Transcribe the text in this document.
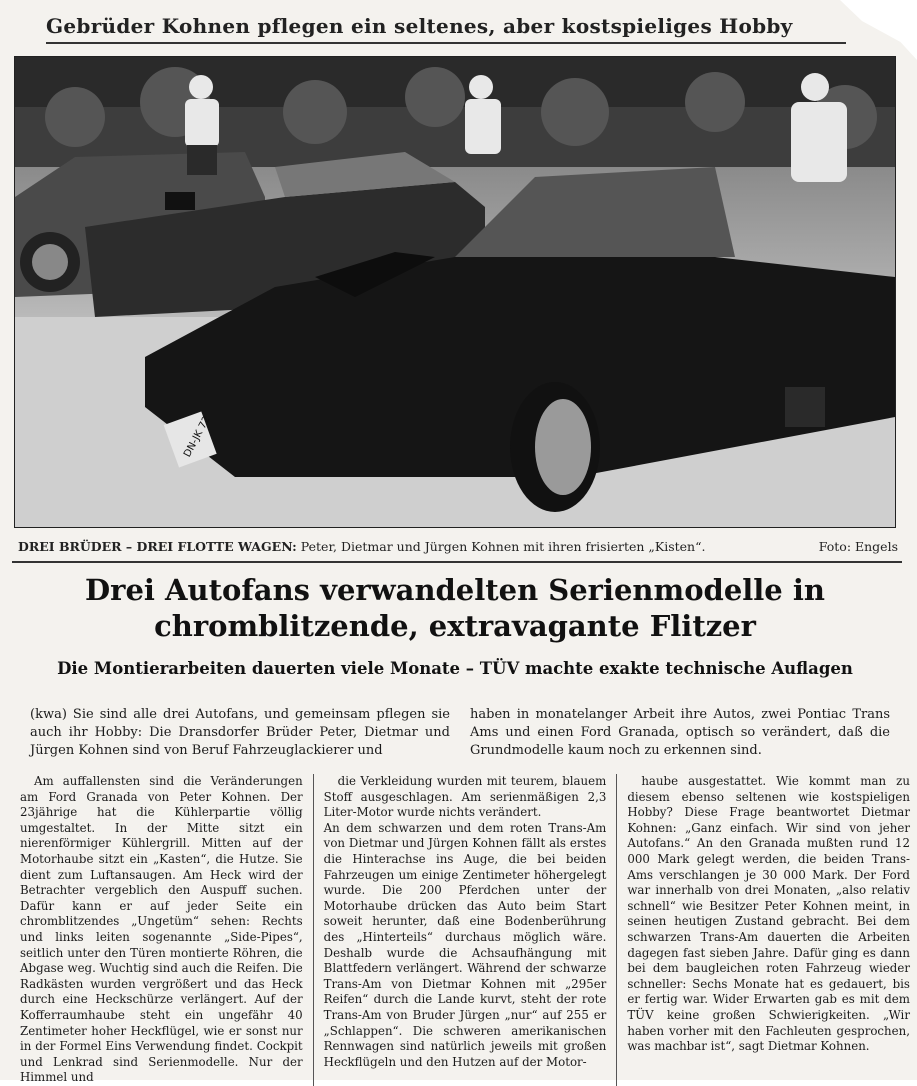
Gebrüder Kohnen pflegen ein seltenes, aber kostspieliges Hobby
DN-JK 72
DREI BRÜDER – DREI FLOTTE WAGEN: Peter, Dietmar und Jürgen Kohnen mit ihren frisierten „Kisten“.	Foto: Engels
Drei Autofans verwandelten Serienmodelle in
chromblitzende, extravagante Flitzer
Die Montierarbeiten dauerten viele Monate – TÜV machte exakte technische Auflagen

(kwa) Sie sind alle drei Autofans, und gemeinsam pflegen sie auch ihr Hobby: Die Dransdorfer Brüder Peter, Dietmar und Jürgen Kohnen sind von Beruf Fahrzeuglackierer und

haben in monatelanger Arbeit ihre Autos, zwei Pontiac Trans Ams und einen Ford Granada, optisch so verändert, daß die Grundmodelle kaum noch zu erkennen sind.

Am auffallensten sind die Veränderungen am Ford Granada von Peter Kohnen. Der 23jährige hat die Kühlerpartie völlig umgestaltet. In der Mitte sitzt ein nierenförmiger Kühlergrill. Mitten auf der Motorhaube sitzt ein „Kasten“, die Hutze. Sie dient zum Luftansaugen. Am Heck wird der Betrachter vergeblich den Auspuff suchen. Dafür kann er auf jeder Seite ein chromblitzendes „Ungetüm“ sehen: Rechts und links leiten sogenannte „Side-Pipes“, seitlich unter den Türen montierte Röhren, die Abgase weg. Wuchtig sind auch die Reifen. Die Radkästen wurden vergrößert und das Heck durch eine Heckschürze verlängert. Auf der Kofferraumhaube steht ein ungefähr 40 Zentimeter hoher Heckflügel, wie er sonst nur in der Formel Eins Verwendung findet. Cockpit und Lenkrad sind Serienmodelle. Nur der Himmel und

die Verkleidung wurden mit teurem, blauem Stoff ausgeschlagen. Am serienmäßigen 2,3 Liter-Motor wurde nichts verändert.
An dem schwarzen und dem roten Trans-Am von Dietmar und Jürgen Kohnen fällt als erstes die Hinterachse ins Auge, die bei beiden Fahrzeugen um einige Zentimeter höhergelegt wurde. Die 200 Pferdchen unter der Motorhaube drücken das Auto beim Start soweit herunter, daß eine Bodenberührung des „Hinterteils“ durchaus möglich wäre. Deshalb wurde die Achsaufhängung mit Blattfedern verlängert. Während der schwarze Trans-Am von Dietmar Kohnen mit „295er Reifen“ durch die Lande kurvt, steht der rote Trans-Am von Bruder Jürgen „nur“ auf 255 er „Schlappen“. Die schweren amerikanischen Rennwagen sind natürlich jeweils mit großen Heckflügeln und den Hutzen auf der Motor-

haube ausgestattet. Wie kommt man zu diesem ebenso seltenen wie kostspieligen Hobby? Diese Frage beantwortet Dietmar Kohnen: „Ganz einfach. Wir sind von jeher Autofans.“ An den Granada mußten rund 12 000 Mark gelegt werden, die beiden Trans-Ams verschlangen je 30 000 Mark. Der Ford war innerhalb von drei Monaten, „also relativ schnell“ wie Besitzer Peter Kohnen meint, in seinen heutigen Zustand gebracht. Bei dem schwarzen Trans-Am dauerten die Arbeiten dagegen fast sieben Jahre. Dafür ging es dann bei dem baugleichen roten Fahrzeug wieder schneller: Sechs Monate hat es gedauert, bis er fertig war. Wider Erwarten gab es mit dem TÜV keine großen Schwierigkeiten. „Wir haben vorher mit den Fachleuten gesprochen, was machbar ist“, sagt Dietmar Kohnen.
